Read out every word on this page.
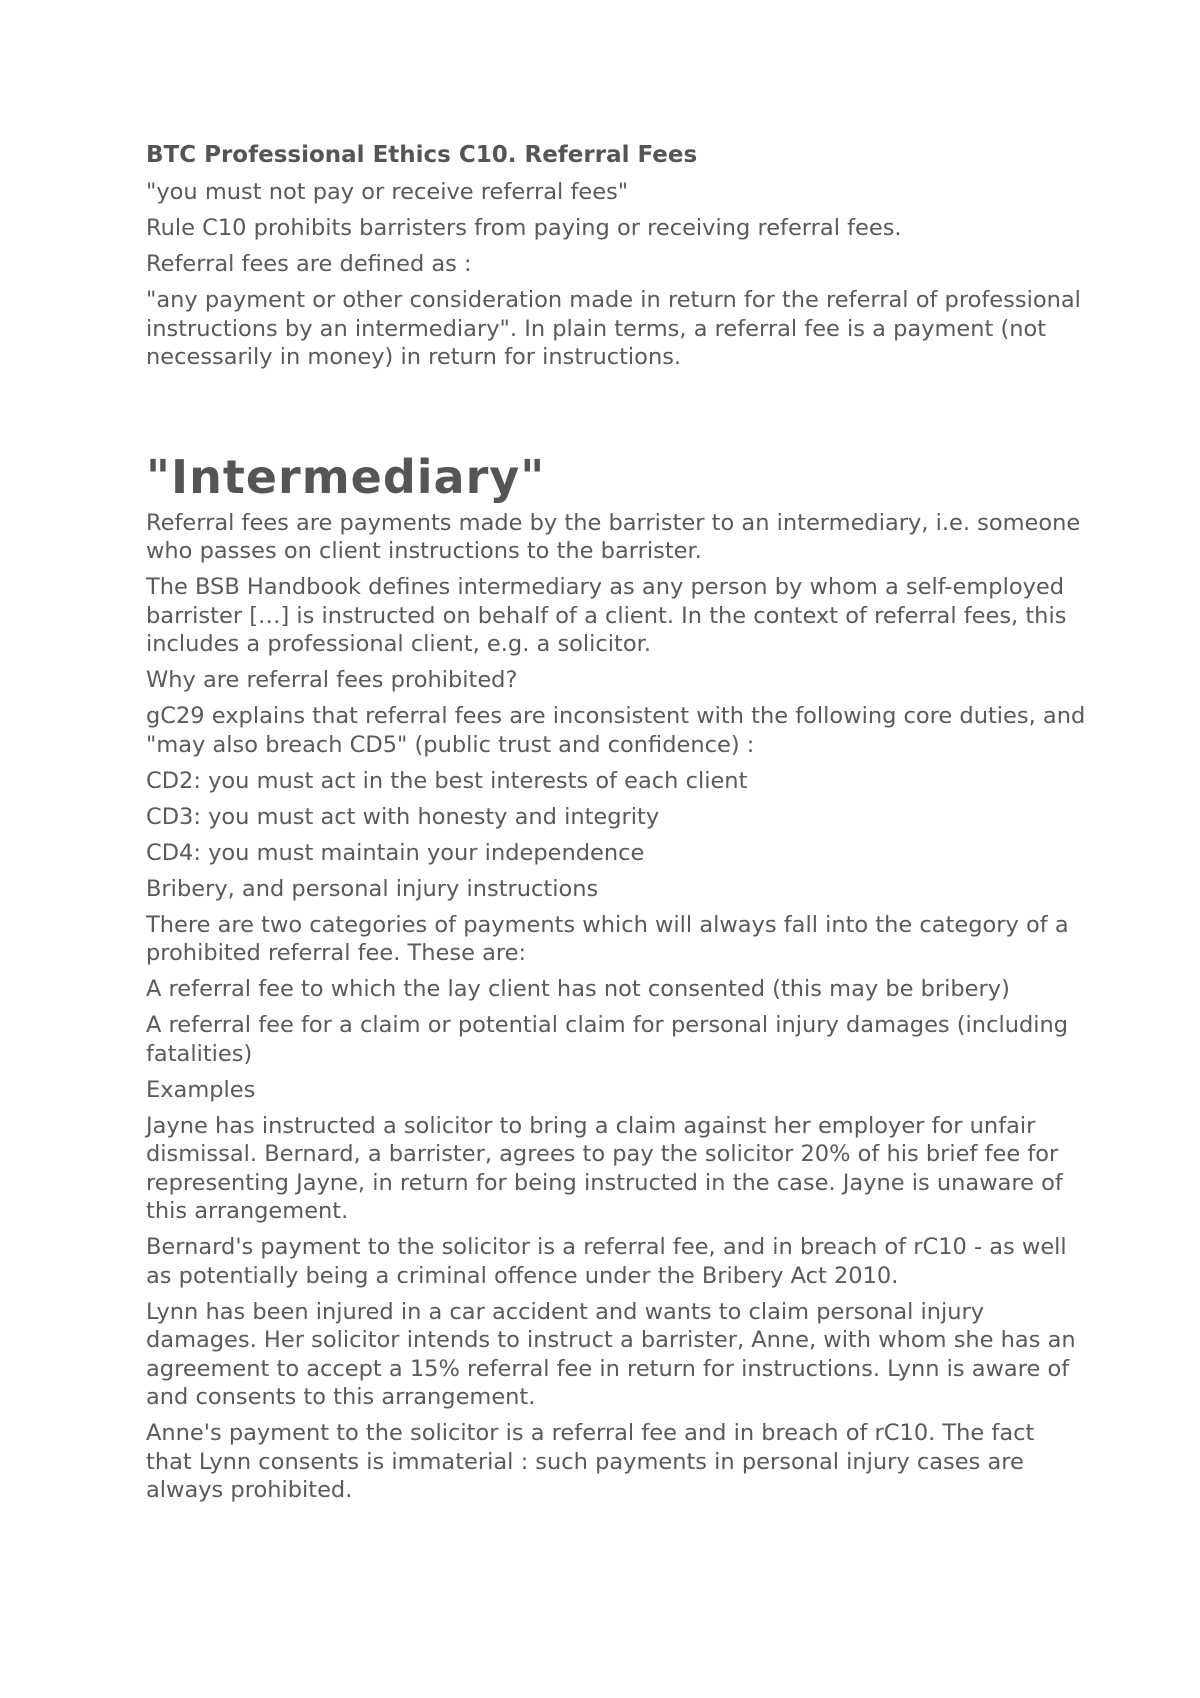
BTC Professional Ethics C10. Referral Fees

"you must not pay or receive referral fees"

Rule C10 prohibits barristers from paying or receiving referral fees.

Referral fees are defined as :

"any payment or other consideration made in return for the referral of professional instructions by an intermediary". In plain terms, a referral fee is a payment (not necessarily in money) in return for instructions.

"Intermediary"

Referral fees are payments made by the barrister to an intermediary, i.e. someone who passes on client instructions to the barrister.

The BSB Handbook defines intermediary as any person by whom a self-employed barrister […] is instructed on behalf of a client. In the context of referral fees, this includes a professional client, e.g. a solicitor.

Why are referral fees prohibited?

gC29 explains that referral fees are inconsistent with the following core duties, and "may also breach CD5" (public trust and confidence) :

CD2: you must act in the best interests of each client

CD3: you must act with honesty and integrity

CD4: you must maintain your independence

Bribery, and personal injury instructions

There are two categories of payments which will always fall into the category of a prohibited referral fee. These are:

A referral fee to which the lay client has not consented (this may be bribery)

A referral fee for a claim or potential claim for personal injury damages (including fatalities)

Examples

Jayne has instructed a solicitor to bring a claim against her employer for unfair dismissal. Bernard, a barrister, agrees to pay the solicitor 20% of his brief fee for representing Jayne, in return for being instructed in the case. Jayne is unaware of this arrangement.

Bernard's payment to the solicitor is a referral fee, and in breach of rC10 - as well as potentially being a criminal offence under the Bribery Act 2010.

Lynn has been injured in a car accident and wants to claim personal injury damages. Her solicitor intends to instruct a barrister, Anne, with whom she has an agreement to accept a 15% referral fee in return for instructions. Lynn is aware of and consents to this arrangement.

Anne's payment to the solicitor is a referral fee and in breach of rC10. The fact that Lynn consents is immaterial : such payments in personal injury cases are always prohibited.
